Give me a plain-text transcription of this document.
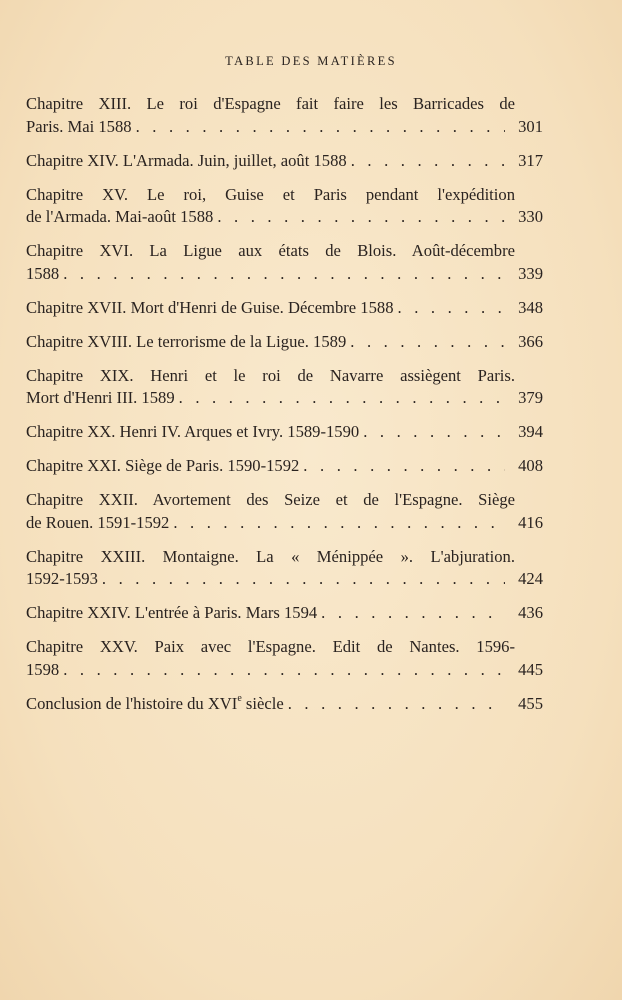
TABLE DES MATIÈRES
Chapitre XIII. Le roi d'Espagne fait faire les Barricades de
Paris. Mai 1588 . . .	301
Chapitre XIV. L'Armada. Juin, juillet, août 1588 . . .	317
Chapitre XV. Le roi, Guise et Paris pendant l'expédition
de l'Armada. Mai-août 1588 . . .	330
Chapitre XVI. La Ligue aux états de Blois. Août-décembre
1588 . . .	339
Chapitre XVII. Mort d'Henri de Guise. Décembre 1588 . . .	348
Chapitre XVIII. Le terrorisme de la Ligue. 1589 . . .	366
Chapitre XIX. Henri et le roi de Navarre assiègent Paris.
Mort d'Henri III. 1589 . . .	379
Chapitre XX. Henri IV. Arques et Ivry. 1589-1590 . . .	394
Chapitre XXI. Siège de Paris. 1590-1592 . . .	408
Chapitre XXII. Avortement des Seize et de l'Espagne. Siège
de Rouen. 1591-1592 . . .	416
Chapitre XXIII. Montaigne. La « Ménippée ». L'abjuration.
1592-1593 . . .	424
Chapitre XXIV. L'entrée à Paris. Mars 1594 . . .	436
Chapitre XXV. Paix avec l'Espagne. Edit de Nantes. 1596-
1598 . . .	445
Conclusion de l'histoire du XVIe siècle . . .	455
